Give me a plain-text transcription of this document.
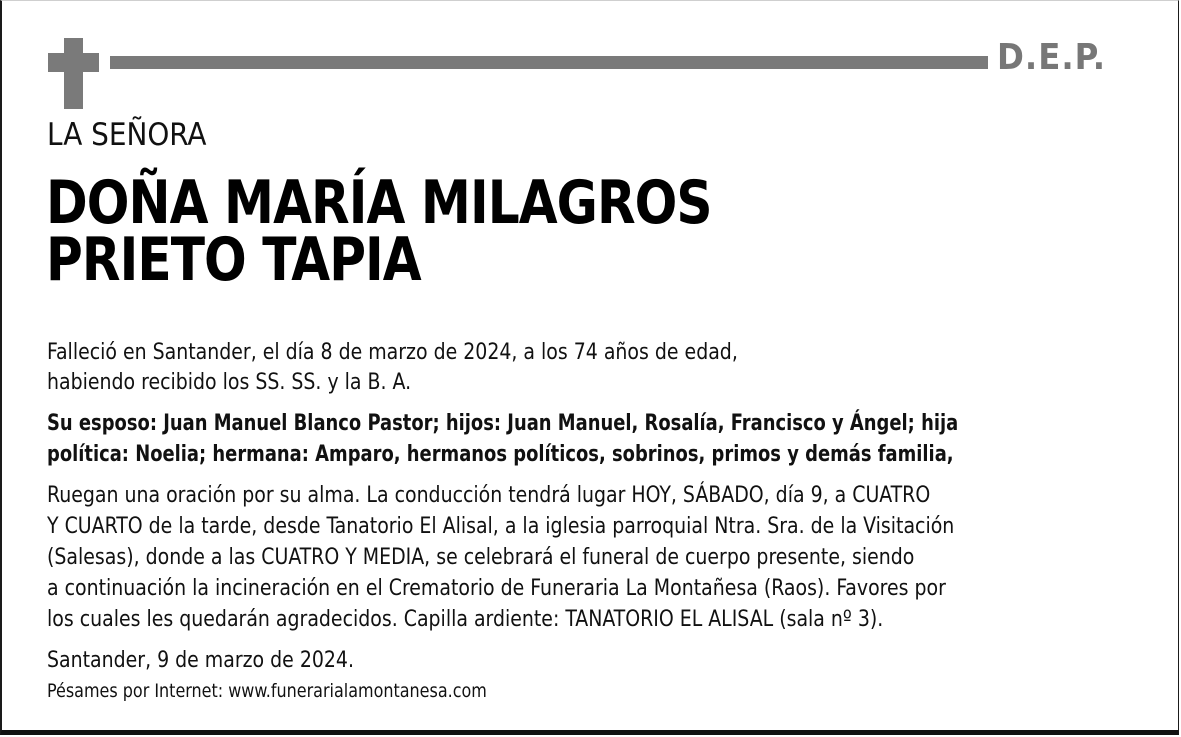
D.E.P.
LA SEÑORA
DOÑA MARÍA MILAGROS
PRIETO TAPIA
Falleció en Santander, el día 8 de marzo de 2024, a los 74 años de edad,
habiendo recibido los SS. SS. y la B. A.
Su esposo: Juan Manuel Blanco Pastor; hijos: Juan Manuel, Rosalía, Francisco y Ángel; hija
política: Noelia; hermana: Amparo, hermanos políticos, sobrinos, primos y demás familia,
Ruegan una oración por su alma. La conducción tendrá lugar HOY, SÁBADO, día 9, a CUATRO
Y CUARTO de la tarde, desde Tanatorio El Alisal, a la iglesia parroquial Ntra. Sra. de la Visitación
(Salesas), donde a las CUATRO Y MEDIA, se celebrará el funeral de cuerpo presente, siendo
a continuación la incineración en el Crematorio de Funeraria La Montañesa (Raos). Favores por
los cuales les quedarán agradecidos. Capilla ardiente: TANATORIO EL ALISAL (sala nº 3).
Santander, 9 de marzo de 2024.
Pésames por Internet: www.funerarialamontanesa.com
